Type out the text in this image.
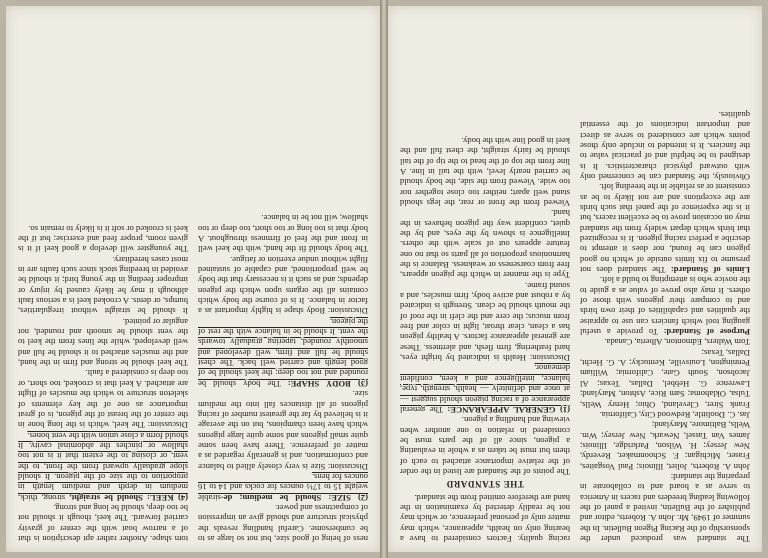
The standard was produced under the sponsorship of the Racing Pigeon Bulletin. In the summer of 1949, Mr. John A. Roberts, editor and publisher of the Bulletin, invited a panel of the following leading breeders and racers in America to serve as a board and to collaborate in preparing the standard:

John A. Roberts, Joliet, Illinois; Paul Vosgaites, Fraser, Michigan; F. Schoonmaker, Reverdy, New Jersey; H. Wilson, Parkridge, Illinois; James Van Tassel, Newark, New Jersey; Wm. Wells, Baltimore, Maryland;

Jas. C. Doolittle, Redwood City, California.

Frank Sirer, Cleveland, Ohio; Henry Wells, Tulsa, Oklahoma; Sam Rice, Ashton, Maryland; Lawrence G. Hebbel, Dallas, Texas; Al Jacobson, South Gate, California; William Pennington, Louisville, Kentucky; A. G. Hecht, Dallas, Texas;

Tom Walters, Edmonton, Alberta, Canada.

Purpose of Standard: To provide a useful gauging tool which fanciers can use to appraise the qualities and capabilities of their own birds and to compare their pigeons with those of others. It may also prove of value as a guide to the novice who is attempting to build a loft.

Limits of Standard: The standard does not presume to fix limits outside of which no good pigeon can be found, nor does it attempt to describe a perfect racing pigeon. It is recognized that birds which depart widely from the standard may on occasion prove to be excellent racers, but it is the experience of the panel that such birds are the exceptions and are not likely to be as consistent or as reliable in the breeding loft.

Obviously, the Standard can be concerned only with outward physical characteristics. It is designed to be helpful and of practical value to the fanciers. It is intended to include only those points which are considered to serve as direct and important indications of the essential qualities.

racing quality. Factors considered to have a bearing only on health, appearance, which may matter only of personal preference, or which may not be readily detected by examination in the hand are therefore omitted from the standard.

THE STANDARD

The points of the Standard are listed in the order of the relative importance attached to each of them but must be taken as a whole in evaluating a pigeon, since all of the parts must be considered in relation to one another when viewing and handling a pigeon.

(1) GENERAL APPEARANCE: The general appearance of a racing pigeon should suggest — at once and definitely — health, strength, type, balance, intelligence and a keen, confident demeanor.

Discussion: Health is indicated by bright eyes, hard feathering, firm flesh, and alertness. These are general appearance factors. A healthy pigeon has a clean, clear throat, light in color and free from mucus; the cere and the cleft in the roof of the mouth should be clean. Strength is indicated by a robust and active body, firm muscles, and a sound frame.

Type is the manner in which the pigeon appears, free from coarseness or weakness. Balance is the harmonious proportion of all parts so that no one feature appears out of scale with the others. Intelligence is shown by the eyes, and by the quiet, confident way the pigeon behaves in the hand.

Viewed from the front or rear, the legs should stand well apart; neither too close together nor too wide. Viewed from the side, the body should be carried nearly level, with the tail in line. A line from the top of the head to the tip of the tail should be fairly straight, the chest full and the keel in good line with the body.

ness of being of good size, but not so large as to be cumbersome. Careful handling reveals the physical structure and should give an impression of compactness and power.

(2) SIZE: Should be medium; de-sirable weight 15 to 17½ ounces for cocks and 14 to 16 ounces for hens.

Discussion: Size is very closely allied to balance and conformation, and is generally regarded as a matter of preference. There have been some quite small pigeons and some quite large pigeons which have been champions, but on the average it is believed by far the greatest number of racing pigeons of all distances fall into the medium size.

(3) BODY SHAPE: The body should be rounded and not too deep; the keel should be of good length and carried well back. The chest should be full and firm, well developed and smoothly rounded, tapering gradually towards the vent. It should be in balance with the rest of the pigeon.

Discussion: Body shape is highly important as a factor in balance. It is of course the body which contains all the organs upon which the pigeon depends; and as such it is necessary that the body be well proportioned, and capable of sustained flight without undue exertion or fatigue.

The body should fit the hand, with the keel well in front and the feel of firmness throughout. A body that is too long or too short, too deep or too shallow, will not be in balance.

tom shape. Another rather apt description is that of a narrow boat with the center of gravity carried forward. The keel, though it should not be too deep, should be long and strong.

(4) KEEL: Should be straight, strong, thick, medium in depth and medium length in proportion to the size of the pigeon. It should slope gradually upward from the front, to the vent, or closing to the extent that it is not too shallow or pinches the abdominal cavity. It should form a close union with the vent bones.

Discussion: The keel, which is the long bone in the center of the breast of the pigeon, is of great importance as one of the key elements of skeleton structure to which the muscles of flight are attached. A keel that is crooked, too short, or too deep is considered a fault.

The keel should be strong and firm in the hand, and the muscles attached to it should be full and well developed, while the lines from the keel to the vent should be smooth and rounded, not angular or pointed.

It should be straight without irregularities, bumps, or dents. A crooked keel is a serious fault although it may be likely caused by injury or improper feeding in the young bird; it should be avoided in breeding stock since such faults are in most cases hereditary.

The youngster will develop a good keel if it is given room, proper feed and exercise; but if the keel is crooked or soft it is likely to remain so.
